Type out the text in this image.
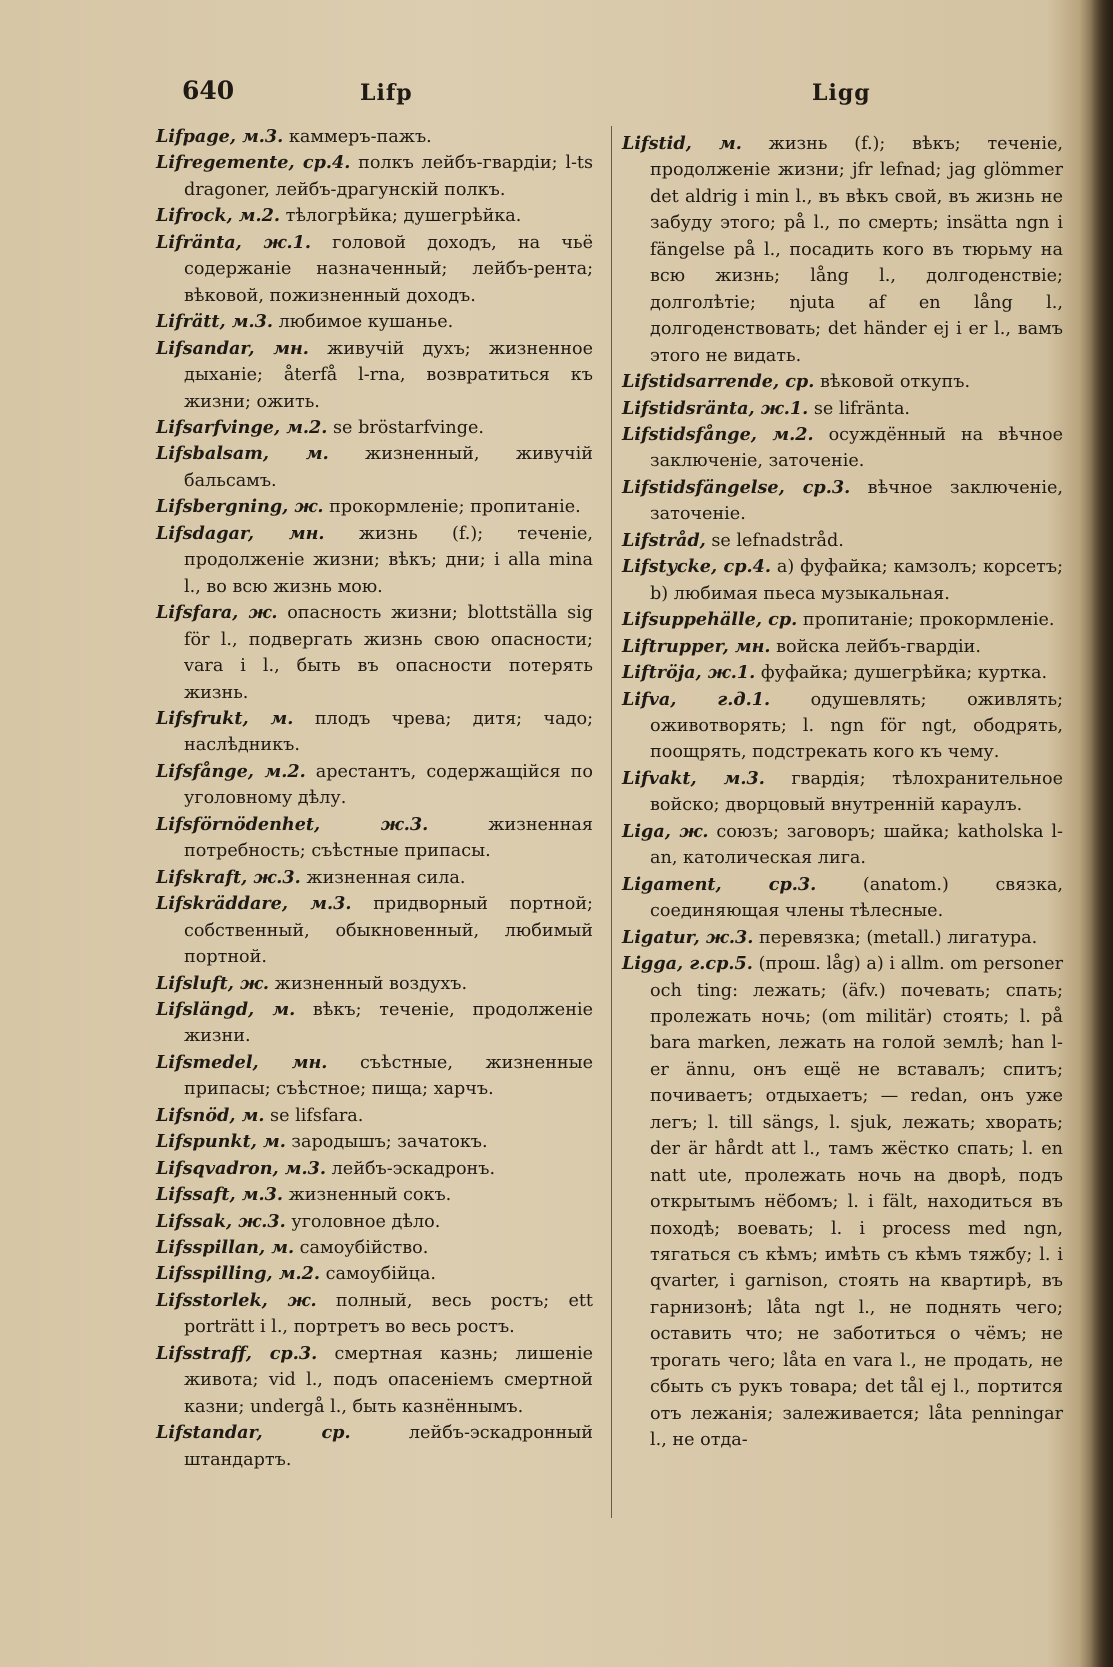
640	Lifp	Ligg

Lifpage, м.3. каммеръ-пажъ.

Lifregemente, ср.4. полкъ лейбъ-гвардіи; l-ts dragoner, лейбъ-драгунскій полкъ.

Lifrock, м.2. тѣлогрѣйка; душегрѣйка.

Lifränta, ж.1. головой доходъ, на чьё содержаніе назначенный; лейбъ-рента; вѣковой, пожизненный доходъ.

Lifrätt, м.3. любимое кушанье.

Lifsandar, мн. живучій духъ; жизненное дыханіе; återfå l-rna, возвратиться къ жизни; ожить.

Lifsarfvinge, м.2. se bröstarfvinge.

Lifsbalsam, м. жизненный, живучій бальсамъ.

Lifsbergning, ж. прокормленіе; пропитаніе.

Lifsdagar, мн. жизнь (f.); теченіе, продолженіе жизни; вѣкъ; дни; i alla mina l., во всю жизнь мою.

Lifsfara, ж. опасность жизни; blottställa sig för l., подвергать жизнь свою опасности; vara i l., быть въ опасности потерять жизнь.

Lifsfrukt, м. плодъ чрева; дитя; чадо; наслѣдникъ.

Lifsfånge, м.2. арестантъ, содержащійся по уголовному дѣлу.

Lifsförnödenhet, ж.3. жизненная потребность; съѣстные припасы.

Lifskraft, ж.3. жизненная сила.

Lifskräddare, м.3. придворный портной; собственный, обыкновенный, любимый портной.

Lifsluft, ж. жизненный воздухъ.

Lifslängd, м. вѣкъ; теченіе, продолженіе жизни.

Lifsmedel, мн. съѣстные, жизненные припасы; съѣстное; пища; харчъ.

Lifsnöd, м. se lifsfara.

Lifspunkt, м. зародышъ; зачатокъ.

Lifsqvadron, м.3. лейбъ-эскадронъ.

Lifssaft, м.3. жизненный сокъ.

Lifssak, ж.3. уголовное дѣло.

Lifsspillan, м. самоубійство.

Lifsspilling, м.2. самоубійца.

Lifsstorlek, ж. полный, весь ростъ; ett porträtt i l., портретъ во весь ростъ.

Lifsstraff, ср.3. смертная казнь; лишеніе живота; vid l., подъ опасеніемъ смертной казни; undergå l., быть казнённымъ.

Lifstandar, ср. лейбъ-эскадронный штандартъ.

Lifstid, м. жизнь (f.); вѣкъ; теченіе, продолженіе жизни; jfr lefnad; jag glömmer det aldrig i min l., въ вѣкъ свой, въ жизнь не забуду этого; på l., по смерть; insätta ngn i fängelse på l., посадить кого въ тюрьму на всю жизнь; lång l., долгоденствіе; долголѣтіе; njuta af en lång l., долгоденствовать; det händer ej i er l., вамъ этого не видать.

Lifstidsarrende, ср. вѣковой откупъ.

Lifstidsränta, ж.1. se lifränta.

Lifstidsfånge, м.2. осуждённый на вѣчное заключеніе, заточеніе.

Lifstidsfängelse, ср.3. вѣчное заключеніе, заточеніе.

Lifstråd, se lefnadstråd.

Lifstycke, ср.4. a) фуфайка; камзолъ; корсетъ; b) любимая пьеса музыкальная.

Lifsuppehälle, ср. пропитаніе; прокормленіе.

Liftrupper, мн. войска лейбъ-гвардіи.

Liftröja, ж.1. фуфайка; душегрѣйка; куртка.

Lifva, г.д.1. одушевлять; оживлять; оживотворять; l. ngn för ngt, ободрять, поощрять, подстрекать кого къ чему.

Lifvakt, м.3. гвардія; тѣлохранительное войско; дворцовый внутренній караулъ.

Liga, ж. союзъ; заговоръ; шайка; katholska l-an, католическая лига.

Ligament, ср.3. (anatom.) связка, соединяющая члены тѣлесные.

Ligatur, ж.3. перевязка; (metall.) лигатура.

Ligga, г.ср.5. (прош. låg) a) i allm. om personer och ting: лежать; (äfv.) почевать; спать; пролежать ночь; (om militär) стоять; l. på bara marken, лежать на голой землѣ; han l-er ännu, онъ ещё не вставалъ; спитъ; почиваетъ; отдыхаетъ; — redan, онъ уже легъ; l. till sängs, l. sjuk, лежать; хворать; der är hårdt att l., тамъ жёстко спать; l. en natt ute, пролежать ночь на дворѣ, подъ открытымъ нёбомъ; l. i fält, находиться въ походѣ; воевать; l. i process med ngn, тягаться съ кѣмъ; имѣть съ кѣмъ тяжбу; l. i qvarter, i garnison, стоять на квартирѣ, въ гарнизонѣ; låta ngt l., не поднять чего; оставить что; не заботиться о чёмъ; не трогать чего; låta en vara l., не продать, не сбыть съ рукъ товара; det tål ej l., портится отъ лежанія; залеживается; låta penningar l., не отда-
